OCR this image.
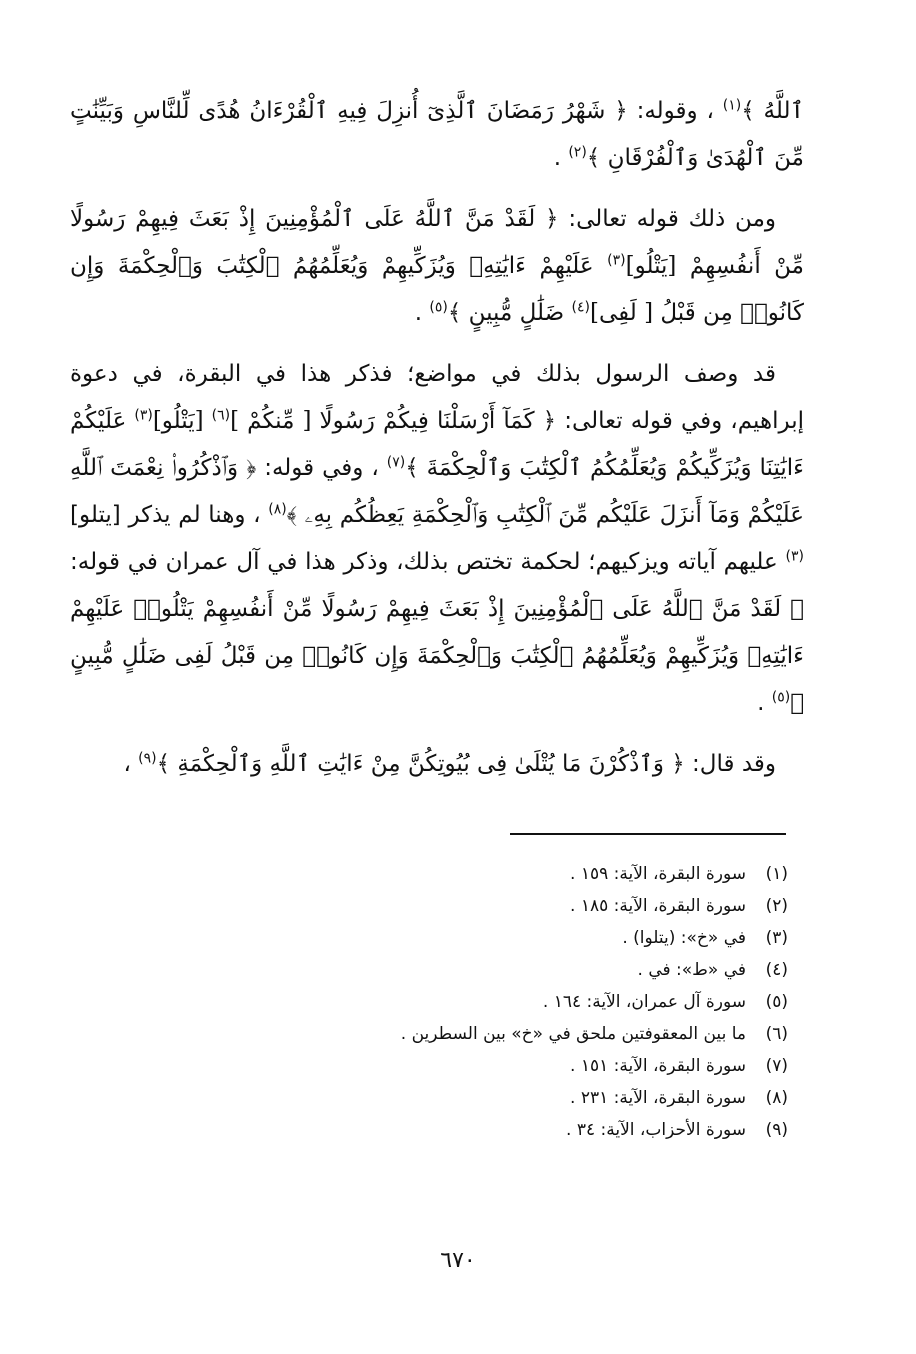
ٱللَّهُ ﴾$^{(١)}$ ، وقوله: ﴿ شَهْرُ رَمَضَانَ ٱلَّذِىٓ أُنزِلَ فِيهِ ٱلْقُرْءَانُ هُدًى لِّلنَّاسِ وَبَيِّنَٰتٍ مِّنَ ٱلْهُدَىٰ وَٱلْفُرْقَانِ ﴾$^{(٢)}$ .

ومن ذلك قوله تعالى: ﴿ لَقَدْ مَنَّ ٱللَّهُ عَلَى ٱلْمُؤْمِنِينَ إِذْ بَعَثَ فِيهِمْ رَسُولًا مِّنْ أَنفُسِهِمْ [يَتْلُو]$^{(٣)}$ عَلَيْهِمْ ءَايَٰتِهِۦ وَيُزَكِّيهِمْ وَيُعَلِّمُهُمُ ٱلْكِتَٰبَ وَٱلْحِكْمَةَ وَإِن كَانُوا۟ مِن قَبْلُ [ لَفِى]$^{(٤)}$ ضَلَٰلٍ مُّبِينٍ ﴾$^{(٥)}$ .

قد وصف الرسول بذلك في مواضع؛ فذكر هذا في البقرة، في دعوة إبراهيم، وفي قوله تعالى: ﴿ كَمَآ أَرْسَلْنَا فِيكُمْ رَسُولًا [ مِّنكُمْ ]$^{(٦)}$ [يَتْلُو]$^{(٣)}$ عَلَيْكُمْ ءَايَٰتِنَا وَيُزَكِّيكُمْ وَيُعَلِّمُكُمُ ٱلْكِتَٰبَ وَٱلْحِكْمَةَ ﴾$^{(٧)}$ ، وفي قوله: ﴿ وَٱذْكُرُوا۟ نِعْمَتَ ٱللَّهِ عَلَيْكُمْ وَمَآ أَنزَلَ عَلَيْكُم مِّنَ ٱلْكِتَٰبِ وَٱلْحِكْمَةِ يَعِظُكُم بِهِۦ ﴾$^{(٨)}$ ، وهنا لم يذكر [يتلو]$^{(٣)}$ عليهم آياته ويزكيهم؛ لحكمة تختص بذلك، وذكر هذا في آل عمران في قوله: ﴿ لَقَدْ مَنَّ ٱللَّهُ عَلَى ٱلْمُؤْمِنِينَ إِذْ بَعَثَ فِيهِمْ رَسُولًا مِّنْ أَنفُسِهِمْ يَتْلُوا۟ عَلَيْهِمْ ءَايَٰتِهِۦ وَيُزَكِّيهِمْ وَيُعَلِّمُهُمُ ٱلْكِتَٰبَ وَٱلْحِكْمَةَ وَإِن كَانُوا۟ مِن قَبْلُ لَفِى ضَلَٰلٍ مُّبِينٍ ﴾$^{(٥)}$ .

وقد قال: ﴿ وَٱذْكُرْنَ مَا يُتْلَىٰ فِى بُيُوتِكُنَّ مِنْ ءَايَٰتِ ٱللَّهِ وَٱلْحِكْمَةِ ﴾$^{(٩)}$ ،

(١)سورة البقرة، الآية: ١٥٩ .
(٢)سورة البقرة، الآية: ١٨٥ .
(٣)في «خ»: (يتلوا) .
(٤)في «ط»: في .
(٥)سورة آل عمران، الآية: ١٦٤ .
(٦)ما بين المعقوفتين ملحق في «خ» بين السطرين .
(٧)سورة البقرة، الآية: ١٥١ .
(٨)سورة البقرة، الآية: ٢٣١ .
(٩)سورة الأحزاب، الآية: ٣٤ .
٦٧٠
